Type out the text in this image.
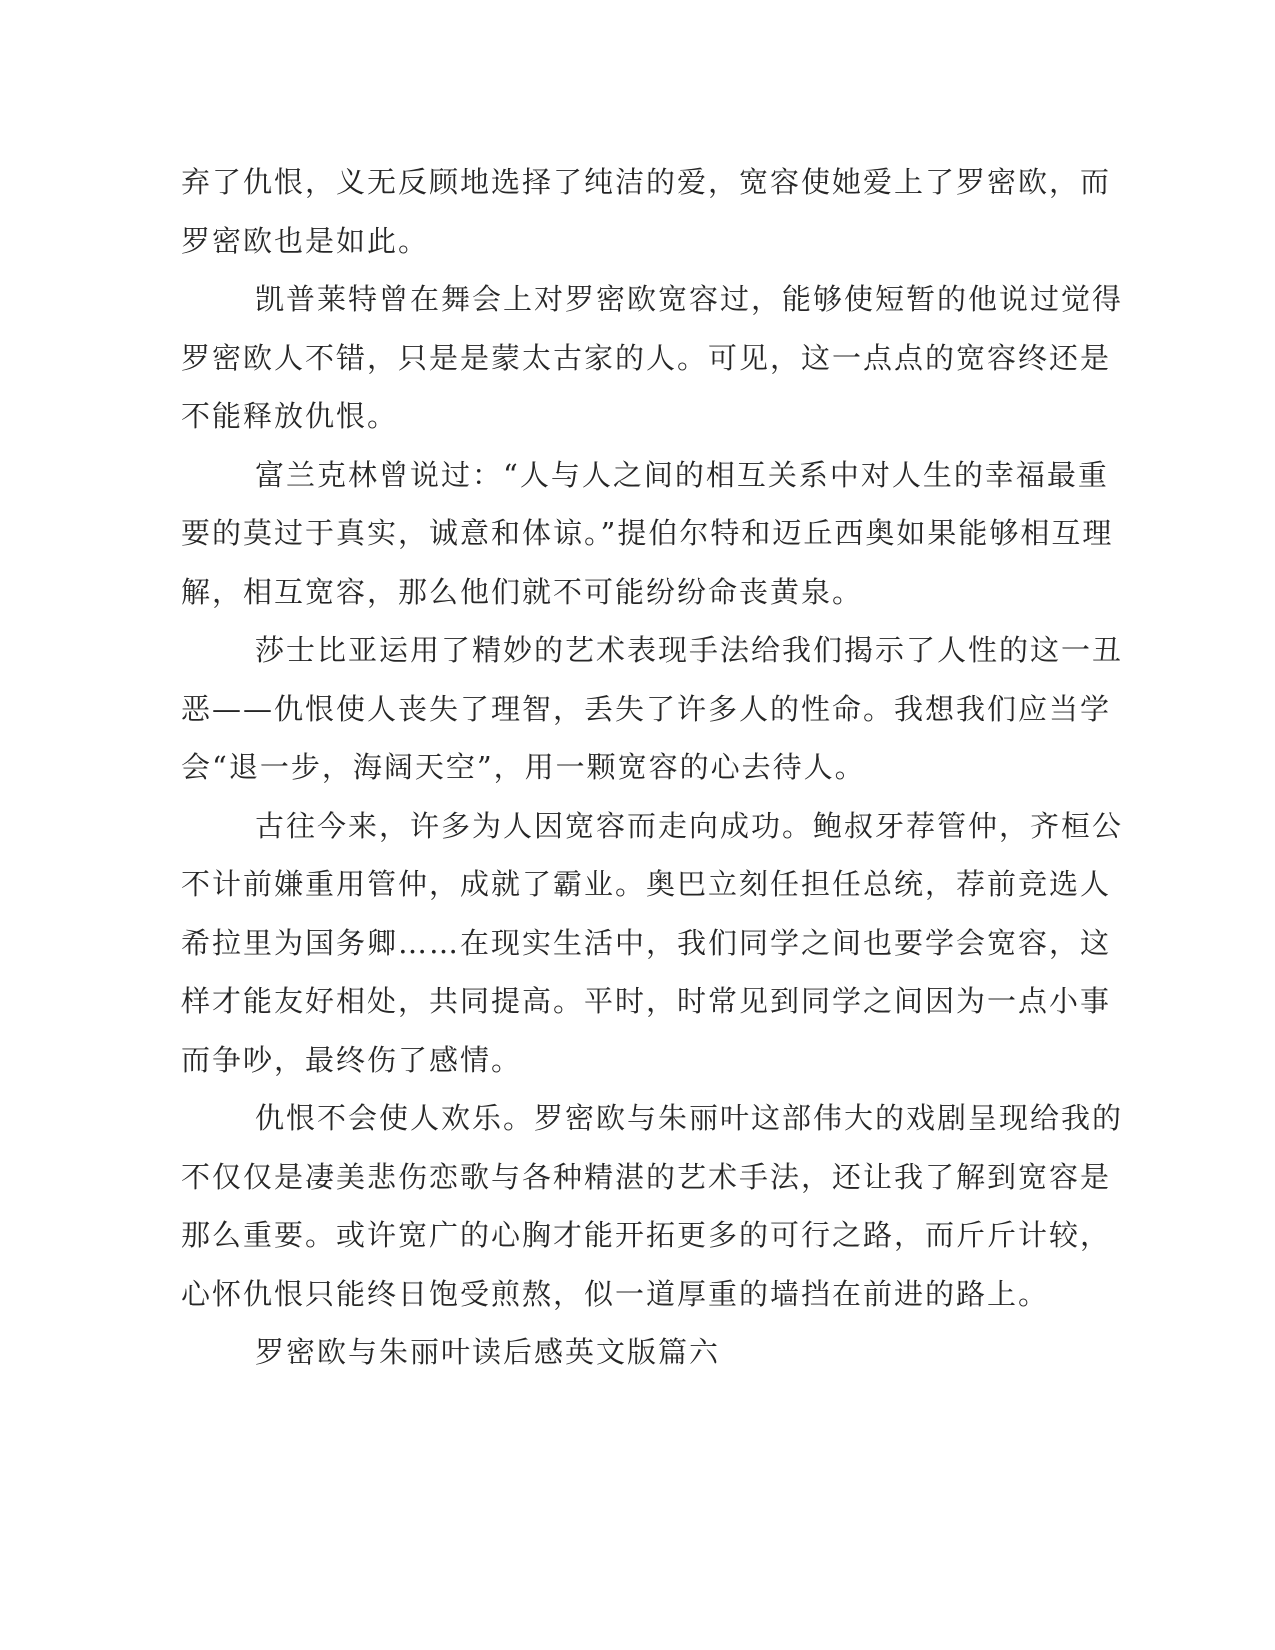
弃了仇恨，义无反顾地选择了纯洁的爱，宽容使她爱上了罗密欧，而
罗密欧也是如此。
凯普莱特曾在舞会上对罗密欧宽容过，能够使短暂的他说过觉得
罗密欧人不错，只是是蒙太古家的人。可见，这一点点的宽容终还是
不能释放仇恨。
富兰克林曾说过：“人与人之间的相互关系中对人生的幸福最重
要的莫过于真实，诚意和体谅。”提伯尔特和迈丘西奥如果能够相互理
解，相互宽容，那么他们就不可能纷纷命丧黄泉。
莎士比亚运用了精妙的艺术表现手法给我们揭示了人性的这一丑
恶——仇恨使人丧失了理智，丢失了许多人的性命。我想我们应当学
会“退一步，海阔天空”，用一颗宽容的心去待人。
古往今来，许多为人因宽容而走向成功。鲍叔牙荐管仲，齐桓公
不计前嫌重用管仲，成就了霸业。奥巴立刻任担任总统，荐前竞选人
希拉里为国务卿……在现实生活中，我们同学之间也要学会宽容，这
样才能友好相处，共同提高。平时，时常见到同学之间因为一点小事
而争吵，最终伤了感情。
仇恨不会使人欢乐。罗密欧与朱丽叶这部伟大的戏剧呈现给我的
不仅仅是凄美悲伤恋歌与各种精湛的艺术手法，还让我了解到宽容是
那么重要。或许宽广的心胸才能开拓更多的可行之路，而斤斤计较，
心怀仇恨只能终日饱受煎熬，似一道厚重的墙挡在前进的路上。
罗密欧与朱丽叶读后感英文版篇六
